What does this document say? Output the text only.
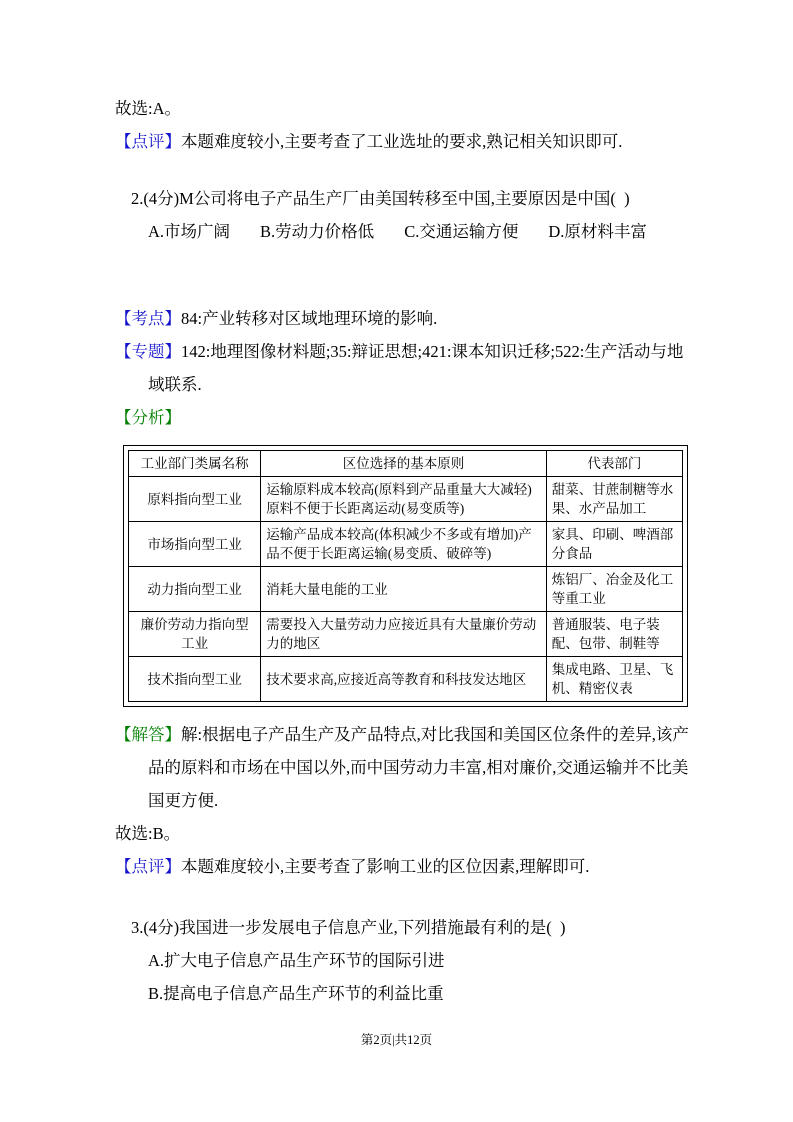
故选:A。

【点评】本题难度较小,主要考查了工业选址的要求,熟记相关知识即可.

2.(4分)M公司将电子产品生产厂由美国转移至中国,主要原因是中国(  )

A.市场广阔 B.劳动力价格低 C.交通运输方便 D.原材料丰富

【考点】84:产业转移对区域地理环境的影响.

【专题】142:地理图像材料题;35:辩证思想;421:课本知识迁移;522:生产活动与地域联系.

【分析】

工业部门类属名称	区位选择的基本原则	代表部门
原料指向型工业	运输原料成本较高(原料到产品重量大大减轻)原料不便于长距离运动(易变质等)	甜菜、甘蔗制糖等水果、水产品加工
市场指向型工业	运输产品成本较高(体积减少不多或有增加)产品不便于长距离运输(易变质、破碎等)	家具、印刷、啤酒部分食品
动力指向型工业	消耗大量电能的工业	炼铝厂、冶金及化工等重工业
廉价劳动力指向型工业	需要投入大量劳动力应接近具有大量廉价劳动力的地区	普通服装、电子装配、包带、制鞋等
技术指向型工业	技术要求高,应接近高等教育和科技发达地区	集成电路、卫星、飞机、精密仪表

【解答】解:根据电子产品生产及产品特点,对比我国和美国区位条件的差异,该产品的原料和市场在中国以外,而中国劳动力丰富,相对廉价,交通运输并不比美国更方便.

故选:B。

【点评】本题难度较小,主要考查了影响工业的区位因素,理解即可.

3.(4分)我国进一步发展电子信息产业,下列措施最有利的是(  )

A.扩大电子信息产品生产环节的国际引进

B.提高电子信息产品生产环节的利益比重

第2页|共12页
